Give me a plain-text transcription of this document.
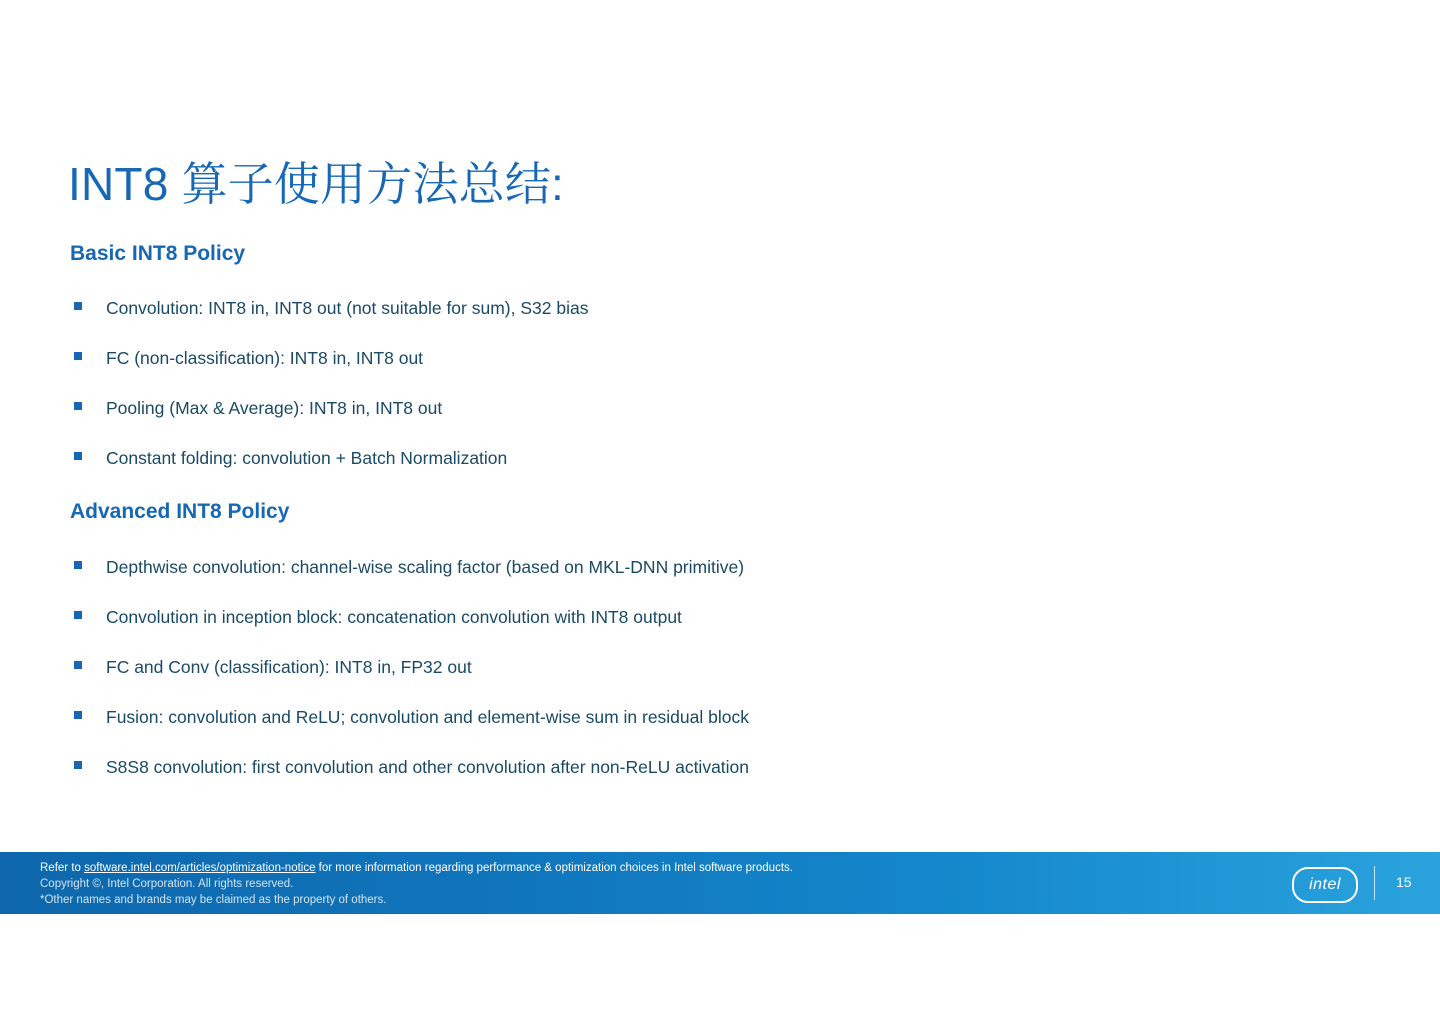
INT8 算子使用方法总结:
Basic INT8 Policy
Convolution: INT8 in, INT8 out (not suitable for sum), S32 bias
FC (non-classification): INT8 in, INT8 out
Pooling (Max & Average): INT8 in, INT8 out
Constant folding: convolution + Batch Normalization
Advanced INT8 Policy
Depthwise convolution: channel-wise scaling factor (based on MKL-DNN primitive)
Convolution in inception block: concatenation convolution with INT8 output
FC and Conv (classification): INT8 in, FP32 out
Fusion: convolution and ReLU; convolution and element-wise sum in residual block
S8S8 convolution: first convolution and other convolution after non-ReLU activation
Refer to software.intel.com/articles/optimization-notice for more information regarding performance & optimization choices in Intel software products.
Copyright ©, Intel Corporation. All rights reserved.
*Other names and brands may be claimed as the property of others.
intel	15
